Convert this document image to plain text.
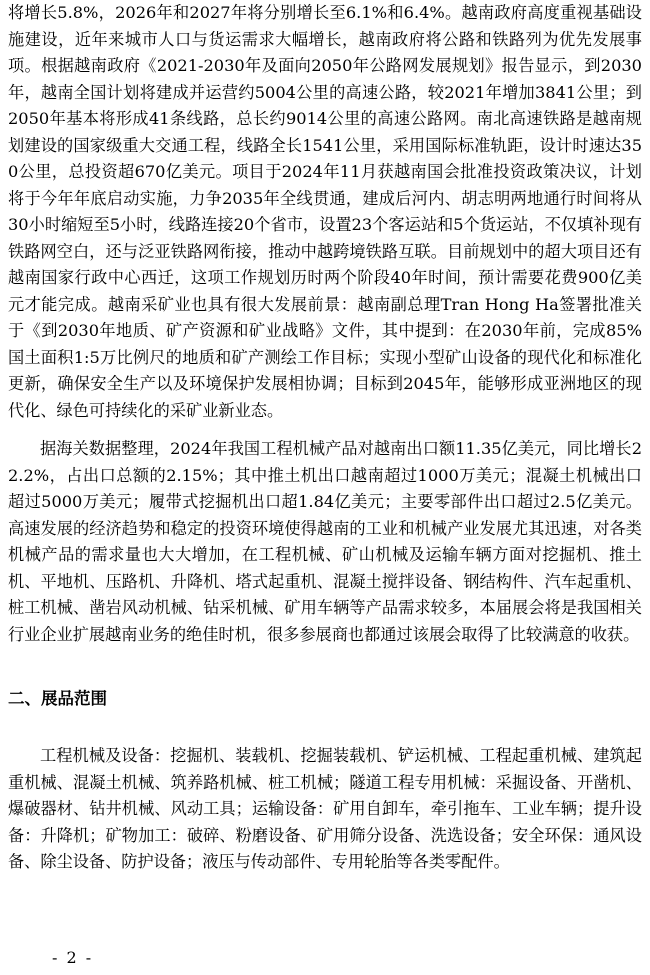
将增长5.8%，2026年和2027年将分别增长至6.1%和6.4%。越南政府高度重视基础设施建设，近年来城市人口与货运需求大幅增长，越南政府将公路和铁路列为优先发展事项。根据越南政府《2021-2030年及面向2050年公路网发展规划》报告显示，到2030年，越南全国计划将建成并运营约5004公里的高速公路，较2021年增加3841公里；到2050年基本将形成41条线路，总长约9014公里的高速公路网。南北高速铁路是越南规划建设的国家级重大交通工程，线路全长1541公里，采用国际标准轨距，设计时速达350公里，总投资超670亿美元。项目于2024年11月获越南国会批准投资政策决议，计划将于今年年底启动实施，力争2035年全线贯通，建成后河内、胡志明两地通行时间将从30小时缩短至5小时，线路连接20个省市，设置23个客运站和5个货运站，不仅填补现有铁路网空白，还与泛亚铁路网衔接，推动中越跨境铁路互联。目前规划中的超大项目还有越南国家行政中心西迁，这项工作规划历时两个阶段40年时间，预计需要花费900亿美元才能完成。越南采矿业也具有很大发展前景：越南副总理Tran Hong Ha签署批准关于《到2030年地质、矿产资源和矿业战略》文件，其中提到：在2030年前，完成85%国土面积1:5万比例尺的地质和矿产测绘工作目标；实现小型矿山设备的现代化和标准化更新，确保安全生产以及环境保护发展相协调；目标到2045年，能够形成亚洲地区的现代化、绿色可持续化的采矿业新业态。

据海关数据整理，2024年我国工程机械产品对越南出口额11.35亿美元，同比增长22.2%，占出口总额的2.15%；其中推土机出口越南超过1000万美元；混凝土机械出口超过5000万美元；履带式挖掘机出口超1.84亿美元；主要零部件出口超过2.5亿美元。高速发展的经济趋势和稳定的投资环境使得越南的工业和机械产业发展尤其迅速，对各类机械产品的需求量也大大增加，在工程机械、矿山机械及运输车辆方面对挖掘机、推土机、平地机、压路机、升降机、塔式起重机、混凝土搅拌设备、钢结构件、汽车起重机、桩工机械、凿岩风动机械、钻采机械、矿用车辆等产品需求较多，本届展会将是我国相关行业企业扩展越南业务的绝佳时机，很多参展商也都通过该展会取得了比较满意的收获。

二、展品范围

工程机械及设备：挖掘机、装载机、挖掘装载机、铲运机械、工程起重机械、建筑起重机械、混凝土机械、筑养路机械、桩工机械；隧道工程专用机械：采掘设备、开凿机、爆破器材、钻井机械、风动工具；运输设备：矿用自卸车，牵引拖车、工业车辆；提升设备：升降机；矿物加工：破碎、粉磨设备、矿用筛分设备、洗选设备；安全环保：通风设备、除尘设备、防护设备；液压与传动部件、专用轮胎等各类零配件。

- 2 -
